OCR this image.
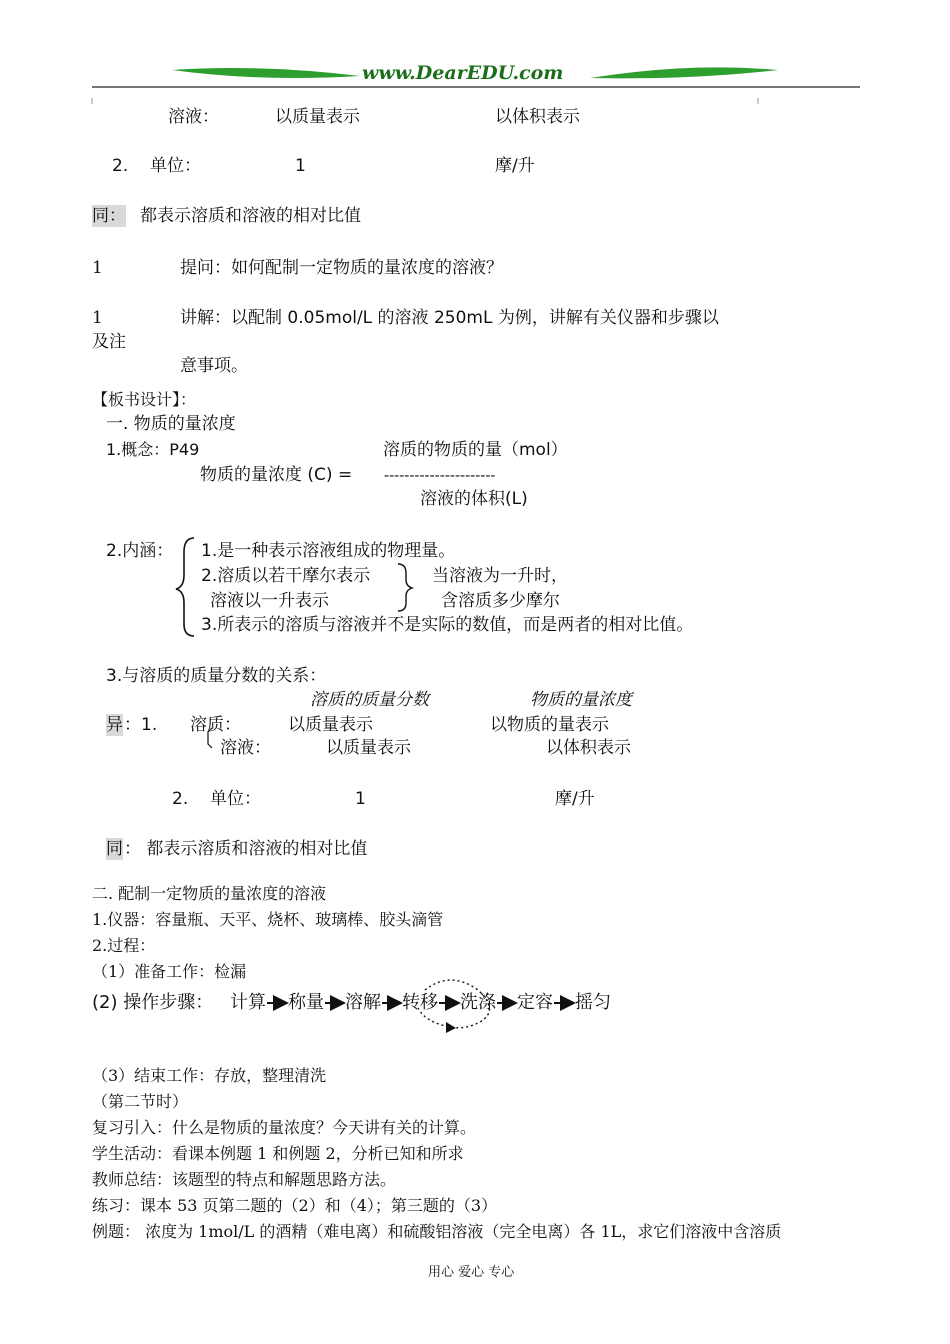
www.DearEDU.com
溶液：	以质量表示	以体积表示
2. 单位：	1	摩/升
同： 都表示溶质和溶液的相对比值
1	提问：如何配制一定物质的量浓度的溶液？
1	讲解：以配制 0.05mol/L 的溶液 250mL 为例，讲解有关仪器和步骤以
及注
意事项。
【板书设计】：
一. 物质的量浓度
1.概念：P49	溶质的物质的量（mol）
物质的量浓度 (C) = ----------------------
溶液的体积(L)
2.内涵： 1.是一种表示溶液组成的物理量。
2.溶质以若干摩尔表示
溶液以一升表示
当溶液为一升时，
含溶质多少摩尔
3.所表示的溶质与溶液并不是实际的数值，而是两者的相对比值。
3.与溶质的质量分数的关系：
溶质的质量分数	物质的量浓度
异 ：1. 溶质：	以质量表示	以物质的量表示
溶液：	以质量表示	以体积表示
2. 单位：	1	摩/升
同 ： 都表示溶质和溶液的相对比值
二. 配制一定物质的量浓度的溶液
1.仪器：容量瓶、天平、烧杯、玻璃棒、胶头滴管
2.过程：
（1）准备工作：检漏
(2) 操作步骤： 计算 称量 溶解 转移 洗涤 定容 摇匀
（3）结束工作：存放，整理清洗
（第二节时）
复习引入：什么是物质的量浓度？今天讲有关的计算。
学生活动：看课本例题 1 和例题 2，分析已知和所求
教师总结：该题型的特点和解题思路方法。
练习：课本 53 页第二题的（2）和（4）；第三题的（3）
例题： 浓度为 1mol/L 的酒精（难电离）和硫酸铝溶液（完全电离）各 1L，求它们溶液中含溶质
用心 爱心 专心
